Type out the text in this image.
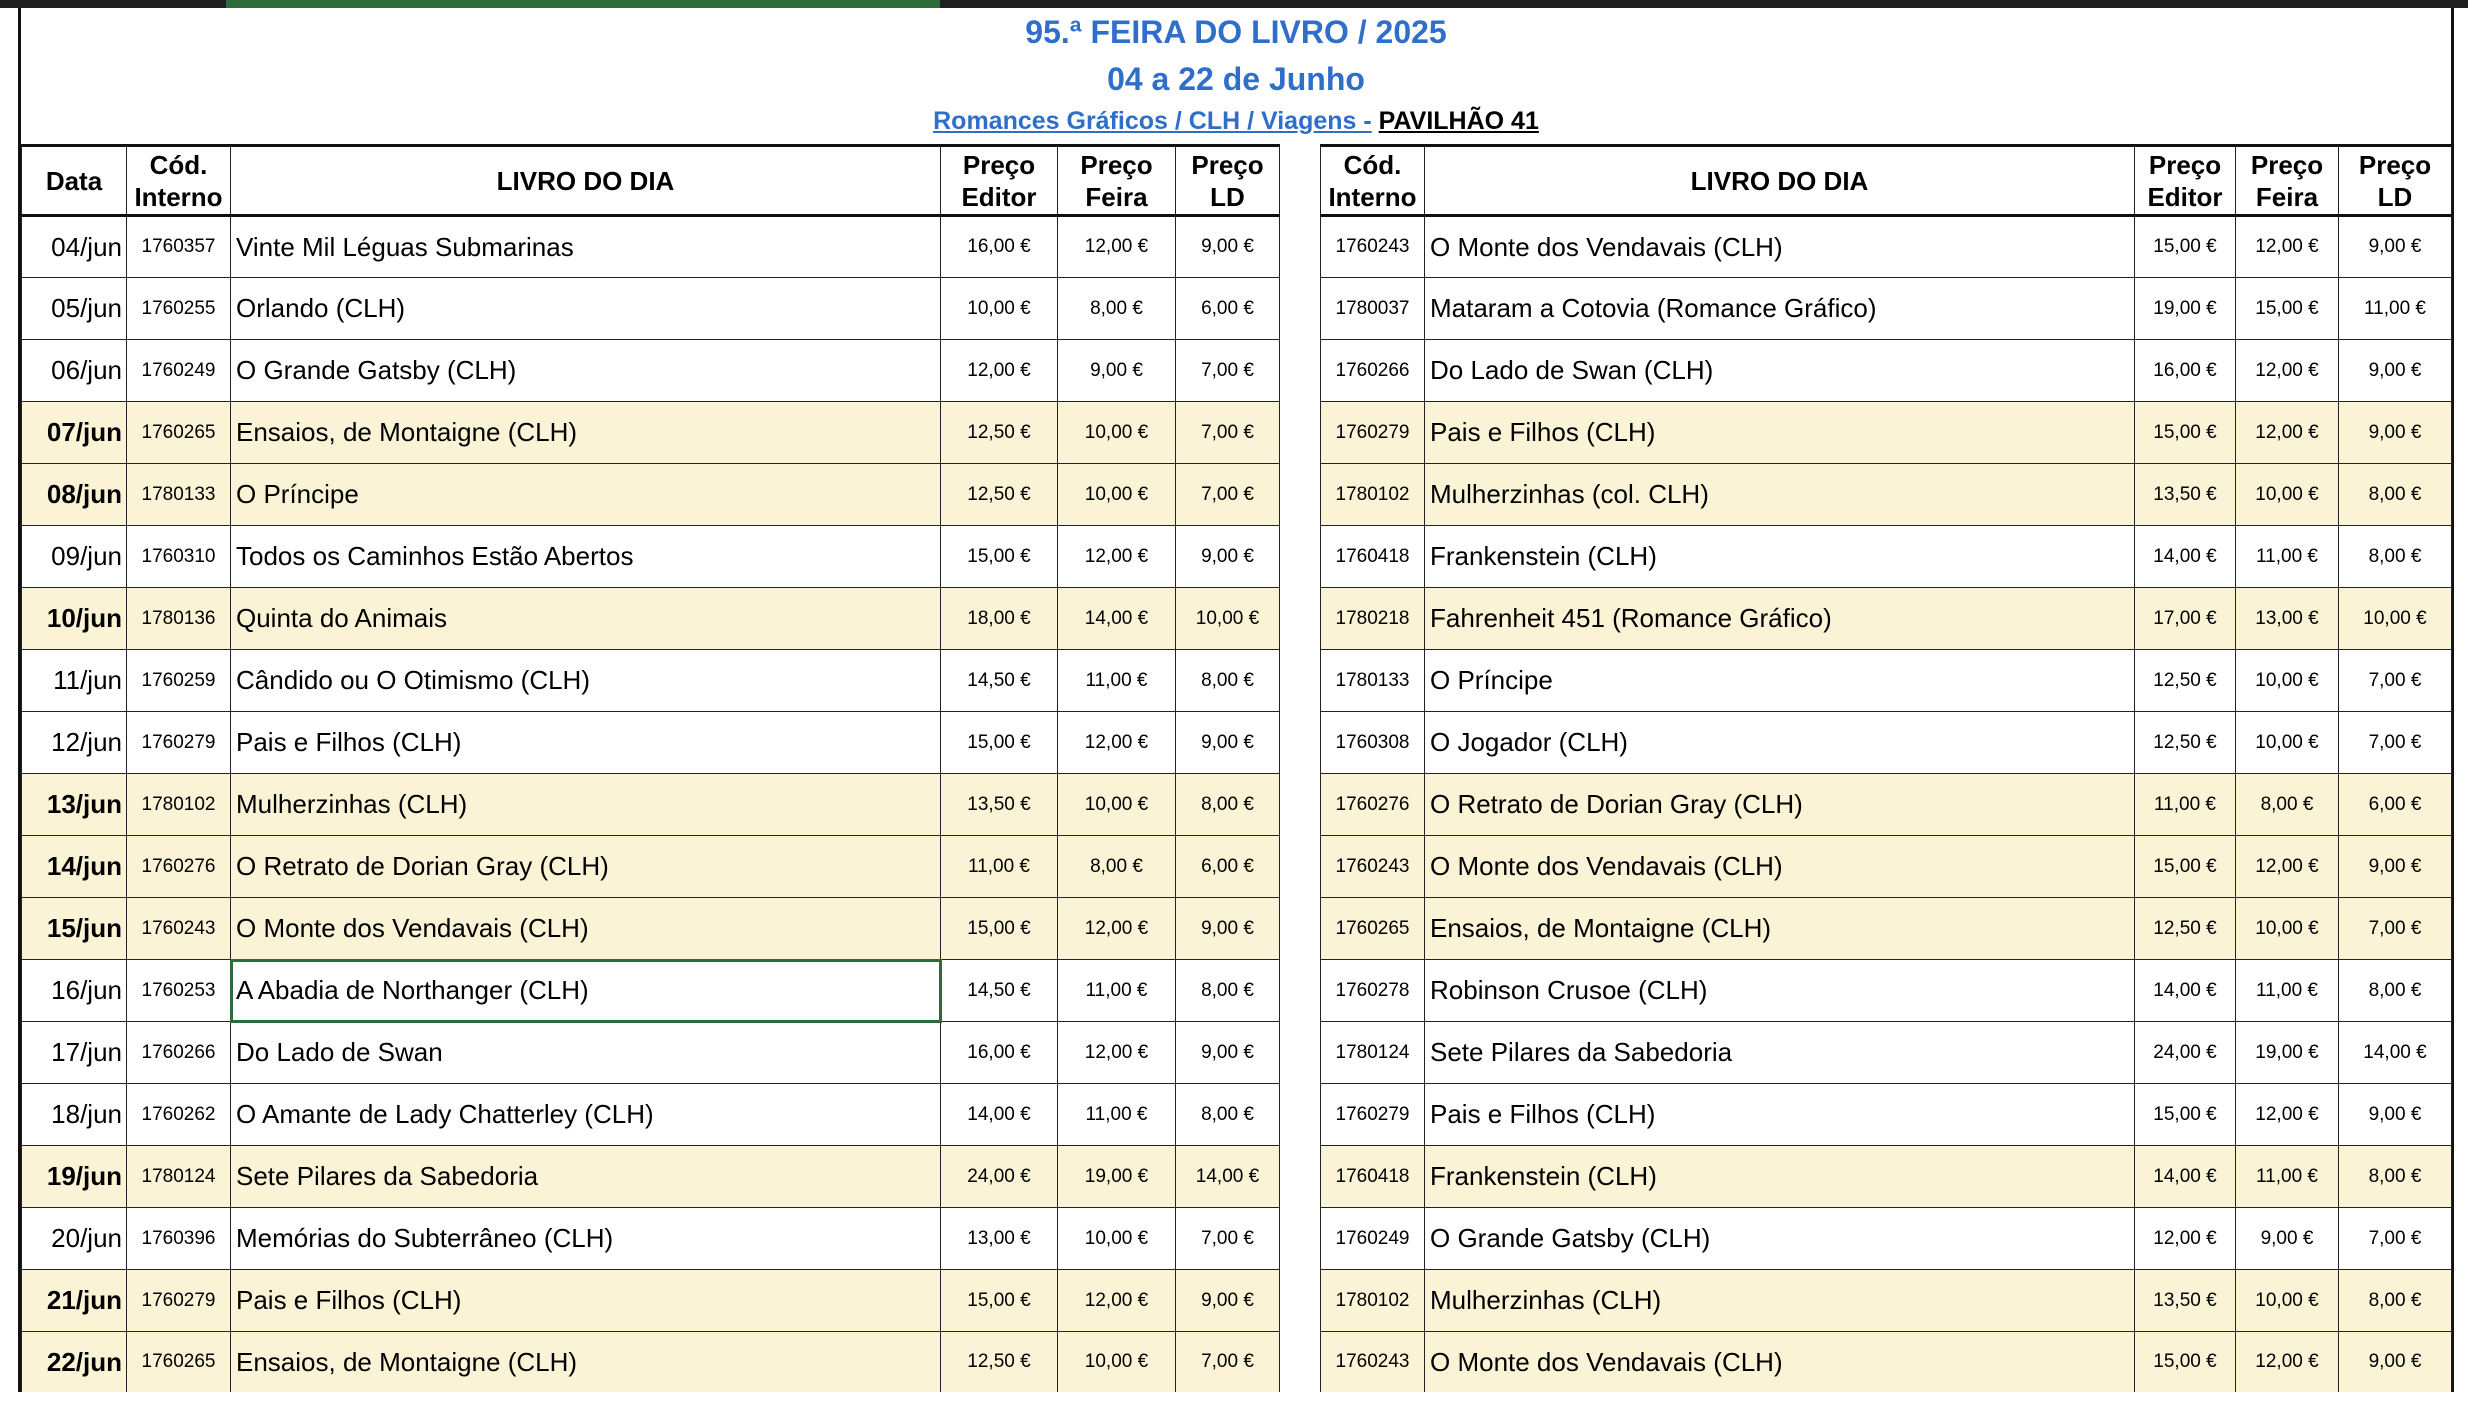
95.ª FEIRA DO LIVRO / 2025
04 a 22 de Junho
Romances Gráficos / CLH / Viagens - PAVILHÃO 41
Data	Cód. Interno	LIVRO DO DIA	Preço Editor	Preço Feira	Preço LD		Cód. Interno	LIVRO DO DIA	Preço Editor	Preço Feira	Preço LD
04/jun	1760357	Vinte Mil Léguas Submarinas	16,00 €	12,00 €	9,00 €		1760243	O Monte dos Vendavais (CLH)	15,00 €	12,00 €	9,00 €
05/jun	1760255	Orlando (CLH)	10,00 €	8,00 €	6,00 €		1780037	Mataram a Cotovia (Romance Gráfico)	19,00 €	15,00 €	11,00 €
06/jun	1760249	O Grande Gatsby (CLH)	12,00 €	9,00 €	7,00 €		1760266	Do Lado de Swan (CLH)	16,00 €	12,00 €	9,00 €
07/jun	1760265	Ensaios, de Montaigne (CLH)	12,50 €	10,00 €	7,00 €		1760279	Pais e Filhos (CLH)	15,00 €	12,00 €	9,00 €
08/jun	1780133	O Príncipe	12,50 €	10,00 €	7,00 €		1780102	Mulherzinhas (col. CLH)	13,50 €	10,00 €	8,00 €
09/jun	1760310	Todos os Caminhos Estão Abertos	15,00 €	12,00 €	9,00 €		1760418	Frankenstein (CLH)	14,00 €	11,00 €	8,00 €
10/jun	1780136	Quinta do Animais	18,00 €	14,00 €	10,00 €		1780218	Fahrenheit 451 (Romance Gráfico)	17,00 €	13,00 €	10,00 €
11/jun	1760259	Cândido ou O Otimismo (CLH)	14,50 €	11,00 €	8,00 €		1780133	O Príncipe	12,50 €	10,00 €	7,00 €
12/jun	1760279	Pais e Filhos (CLH)	15,00 €	12,00 €	9,00 €		1760308	O Jogador (CLH)	12,50 €	10,00 €	7,00 €
13/jun	1780102	Mulherzinhas (CLH)	13,50 €	10,00 €	8,00 €		1760276	O Retrato de Dorian Gray (CLH)	11,00 €	8,00 €	6,00 €
14/jun	1760276	O Retrato de Dorian Gray (CLH)	11,00 €	8,00 €	6,00 €		1760243	O Monte dos Vendavais (CLH)	15,00 €	12,00 €	9,00 €
15/jun	1760243	O Monte dos Vendavais (CLH)	15,00 €	12,00 €	9,00 €		1760265	Ensaios, de Montaigne (CLH)	12,50 €	10,00 €	7,00 €
16/jun	1760253	A Abadia de Northanger (CLH)	14,50 €	11,00 €	8,00 €		1760278	Robinson Crusoe (CLH)	14,00 €	11,00 €	8,00 €
17/jun	1760266	Do Lado de Swan	16,00 €	12,00 €	9,00 €		1780124	Sete Pilares da Sabedoria	24,00 €	19,00 €	14,00 €
18/jun	1760262	O Amante de Lady Chatterley (CLH)	14,00 €	11,00 €	8,00 €		1760279	Pais e Filhos (CLH)	15,00 €	12,00 €	9,00 €
19/jun	1780124	Sete Pilares da Sabedoria	24,00 €	19,00 €	14,00 €		1760418	Frankenstein (CLH)	14,00 €	11,00 €	8,00 €
20/jun	1760396	Memórias do Subterrâneo (CLH)	13,00 €	10,00 €	7,00 €		1760249	O Grande Gatsby (CLH)	12,00 €	9,00 €	7,00 €
21/jun	1760279	Pais e Filhos (CLH)	15,00 €	12,00 €	9,00 €		1780102	Mulherzinhas (CLH)	13,50 €	10,00 €	8,00 €
22/jun	1760265	Ensaios, de Montaigne (CLH)	12,50 €	10,00 €	7,00 €		1760243	O Monte dos Vendavais (CLH)	15,00 €	12,00 €	9,00 €
